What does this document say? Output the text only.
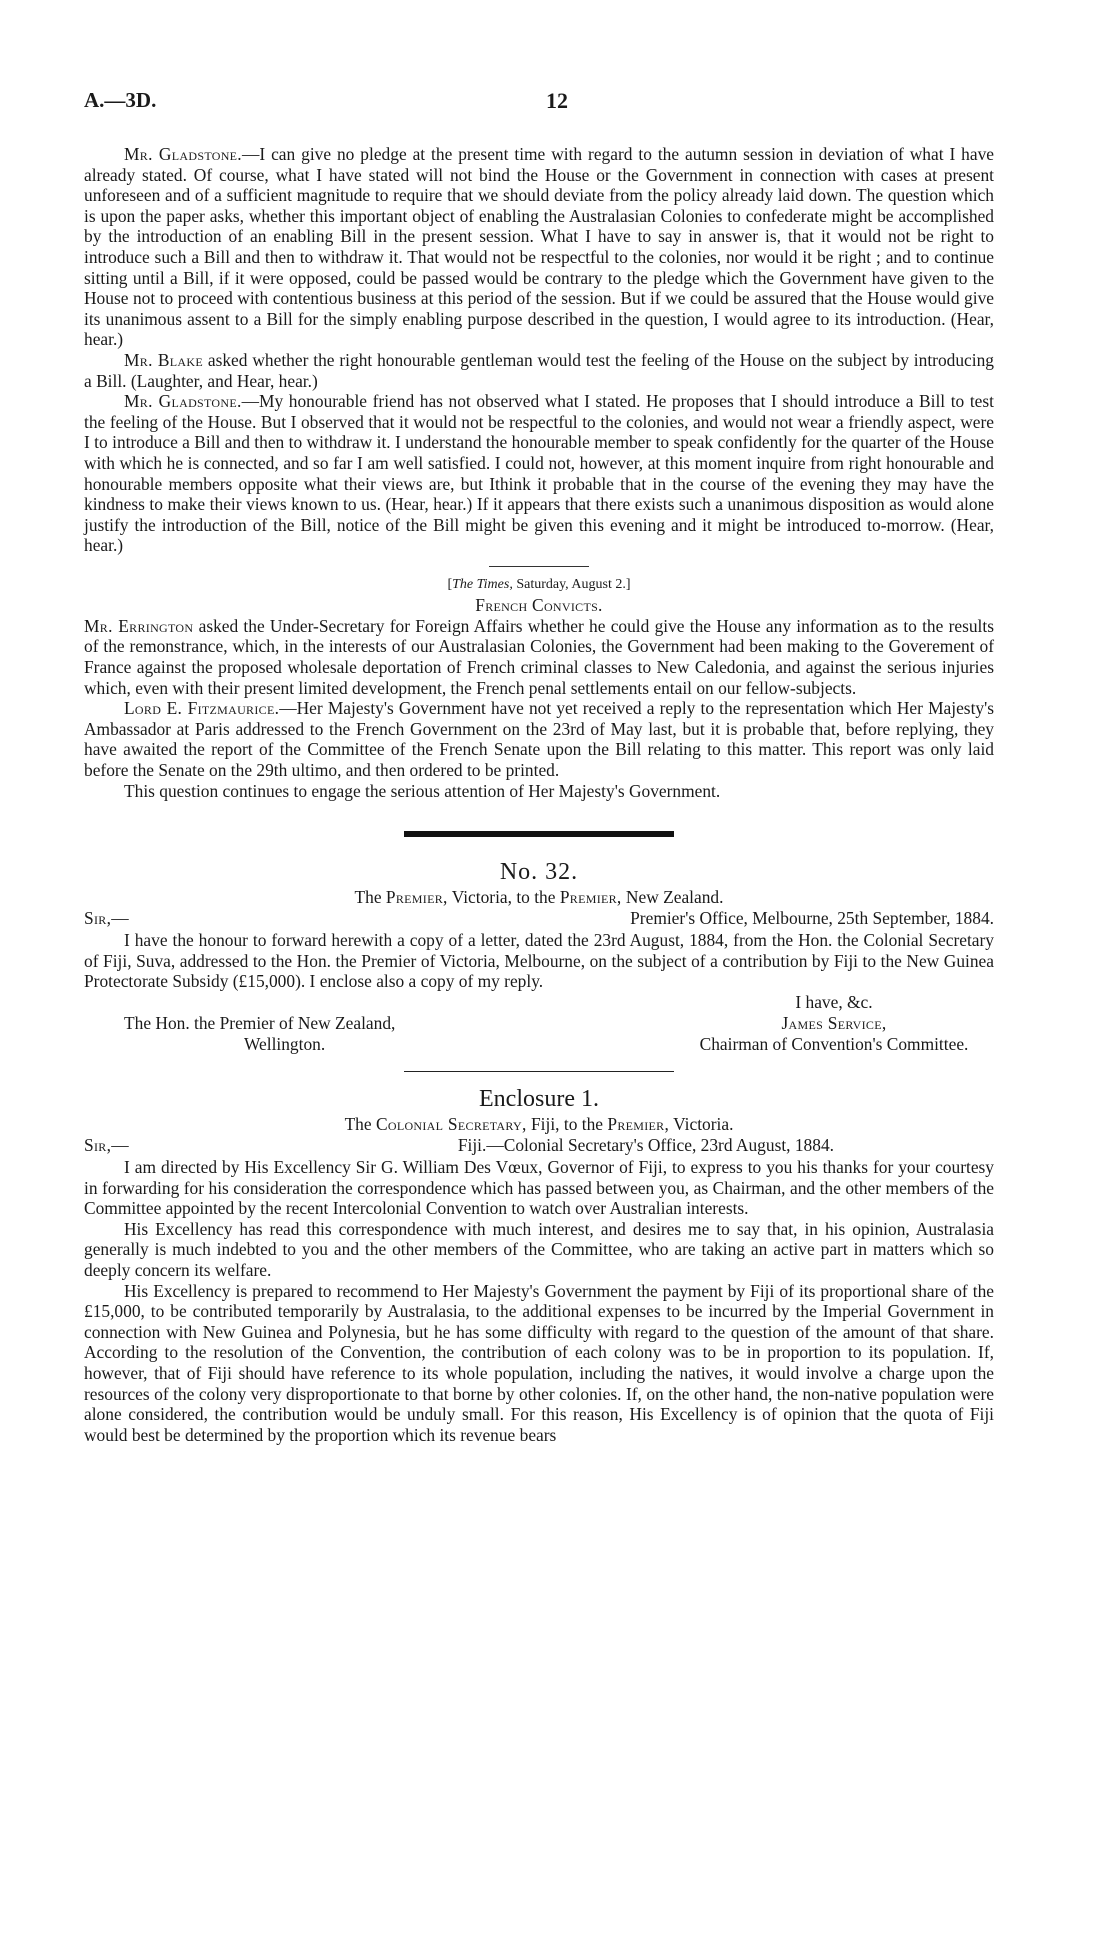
A.—3D.	12

Mr. Gladstone.—I can give no pledge at the present time with regard to the autumn session in deviation of what I have already stated. Of course, what I have stated will not bind the House or the Government in connection with cases at present unforeseen and of a sufficient magnitude to require that we should deviate from the policy already laid down. The question which is upon the paper asks, whether this important object of enabling the Australasian Colonies to confederate might be accomplished by the introduction of an enabling Bill in the present session. What I have to say in answer is, that it would not be right to introduce such a Bill and then to withdraw it. That would not be respectful to the colonies, nor would it be right ; and to continue sitting until a Bill, if it were opposed, could be passed would be contrary to the pledge which the Government have given to the House not to proceed with contentious business at this period of the session. But if we could be assured that the House would give its unanimous assent to a Bill for the simply enabling purpose described in the question, I would agree to its introduction. (Hear, hear.)

Mr. Blake asked whether the right honourable gentleman would test the feeling of the House on the subject by introducing a Bill. (Laughter, and Hear, hear.)

Mr. Gladstone.—My honourable friend has not observed what I stated. He proposes that I should introduce a Bill to test the feeling of the House. But I observed that it would not be respectful to the colonies, and would not wear a friendly aspect, were I to introduce a Bill and then to withdraw it. I understand the honourable member to speak confidently for the quarter of the House with which he is connected, and so far I am well satisfied. I could not, however, at this moment inquire from right honourable and honourable members opposite what their views are, but Ithink it probable that in the course of the evening they may have the kindness to make their views known to us. (Hear, hear.) If it appears that there exists such a unanimous disposition as would alone justify the introduction of the Bill, notice of the Bill might be given this evening and it might be introduced to-morrow. (Hear, hear.)

[The Times, Saturday, August 2.]
French Convicts.

Mr. Errington asked the Under-Secretary for Foreign Affairs whether he could give the House any information as to the results of the remonstrance, which, in the interests of our Australasian Colonies, the Government had been making to the Goverement of France against the proposed wholesale deportation of French criminal classes to New Caledonia, and against the serious injuries which, even with their present limited development, the French penal settlements entail on our fellow-subjects.

Lord E. Fitzmaurice.—Her Majesty's Government have not yet received a reply to the representation which Her Majesty's Ambassador at Paris addressed to the French Government on the 23rd of May last, but it is probable that, before replying, they have awaited the report of the Committee of the French Senate upon the Bill relating to this matter. This report was only laid before the Senate on the 29th ultimo, and then ordered to be printed.

This question continues to engage the serious attention of Her Majesty's Government.

No. 32.
The Premier, Victoria, to the Premier, New Zealand.
Sir,—	Premier's Office, Melbourne, 25th September, 1884.

I have the honour to forward herewith a copy of a letter, dated the 23rd August, 1884, from the Hon. the Colonial Secretary of Fiji, Suva, addressed to the Hon. the Premier of Victoria, Melbourne, on the subject of a contribution by Fiji to the New Guinea Protectorate Subsidy (£15,000). I enclose also a copy of my reply.

I have, &c.
The Hon. the Premier of New Zealand,	James Service,
Wellington.	Chairman of Convention's Committee.
Enclosure 1.
The Colonial Secretary, Fiji, to the Premier, Victoria.
Sir,—	Fiji.—Colonial Secretary's Office, 23rd August, 1884.

I am directed by His Excellency Sir G. William Des Vœux, Governor of Fiji, to express to you his thanks for your courtesy in forwarding for his consideration the correspondence which has passed between you, as Chairman, and the other members of the Committee appointed by the recent Intercolonial Convention to watch over Australian interests.

His Excellency has read this correspondence with much interest, and desires me to say that, in his opinion, Australasia generally is much indebted to you and the other members of the Committee, who are taking an active part in matters which so deeply concern its welfare.

His Excellency is prepared to recommend to Her Majesty's Government the payment by Fiji of its proportional share of the £15,000, to be contributed temporarily by Australasia, to the additional expenses to be incurred by the Imperial Government in connection with New Guinea and Polynesia, but he has some difficulty with regard to the question of the amount of that share. According to the resolution of the Convention, the contribution of each colony was to be in proportion to its population. If, however, that of Fiji should have reference to its whole population, including the natives, it would involve a charge upon the resources of the colony very disproportionate to that borne by other colonies. If, on the other hand, the non-native population were alone considered, the contribution would be unduly small. For this reason, His Excellency is of opinion that the quota of Fiji would best be determined by the proportion which its revenue bears
